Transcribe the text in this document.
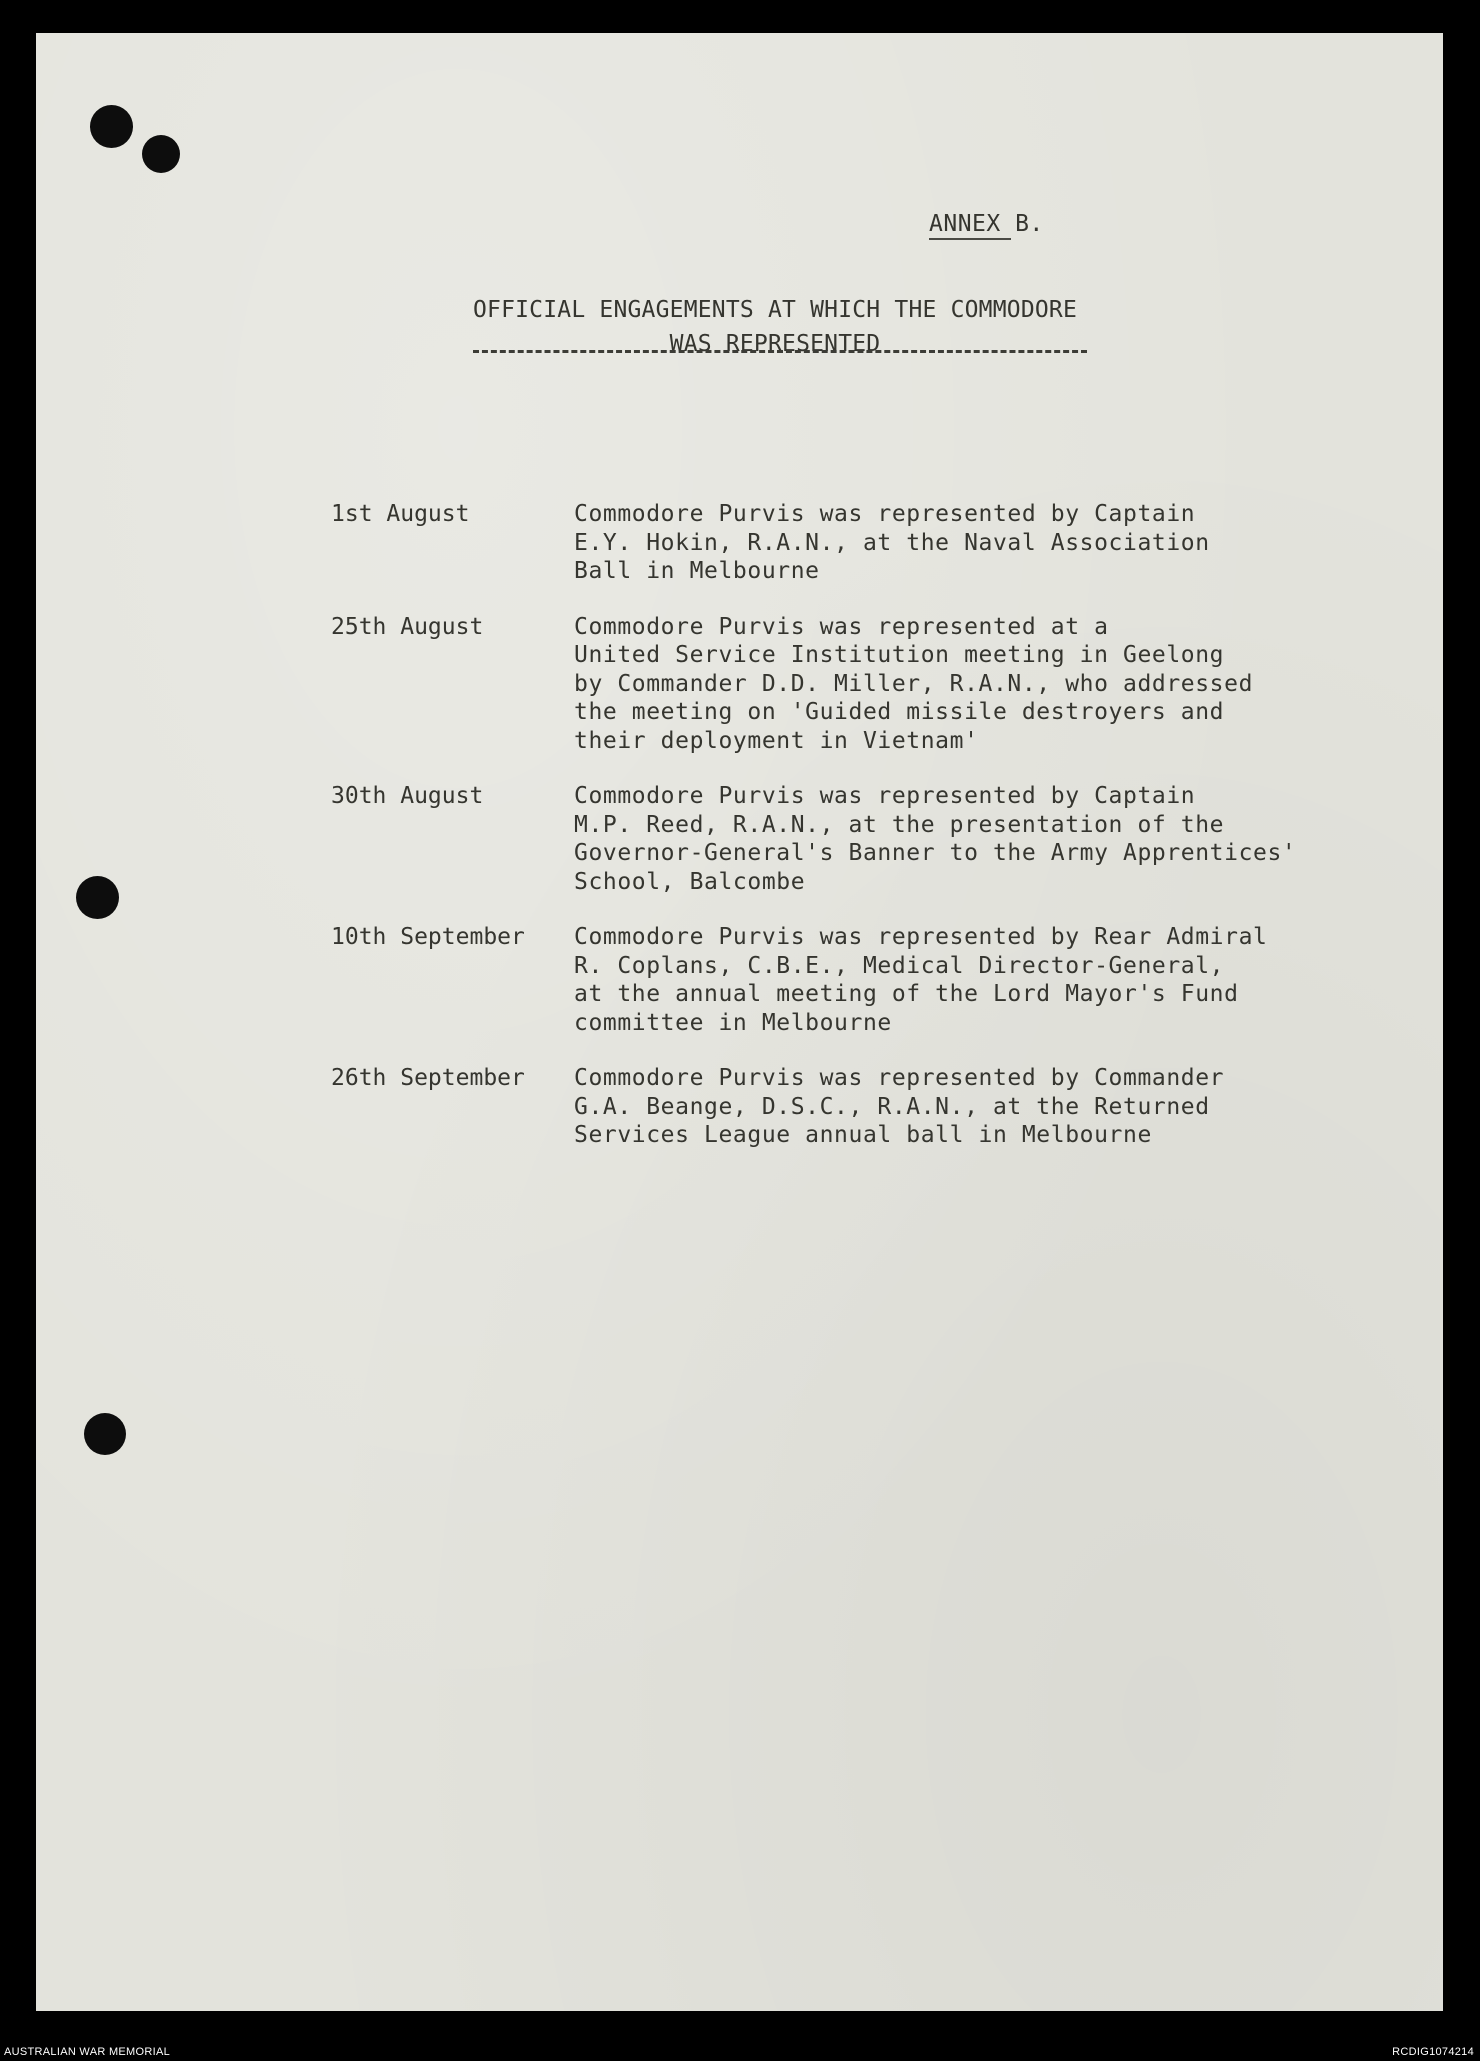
ANNEX B.
OFFICIAL ENGAGEMENTS AT WHICH THE COMMODORE
WAS REPRESENTED
1st August	Commodore Purvis was represented by Captain
E.Y. Hokin, R.A.N., at the Naval Association
Ball in Melbourne
25th August	Commodore Purvis was represented at a
United Service Institution meeting in Geelong
by Commander D.D. Miller, R.A.N., who addressed
the meeting on 'Guided missile destroyers and
their deployment in Vietnam'
30th August	Commodore Purvis was represented by Captain
M.P. Reed, R.A.N., at the presentation of the
Governor-General's Banner to the Army Apprentices'
School, Balcombe
10th September	Commodore Purvis was represented by Rear Admiral
R. Coplans, C.B.E., Medical Director-General,
at the annual meeting of the Lord Mayor's Fund
committee in Melbourne
26th September	Commodore Purvis was represented by Commander
G.A. Beange, D.S.C., R.A.N., at the Returned
Services League annual ball in Melbourne
AUSTRALIAN WAR MEMORIAL	RCDIG1074214
